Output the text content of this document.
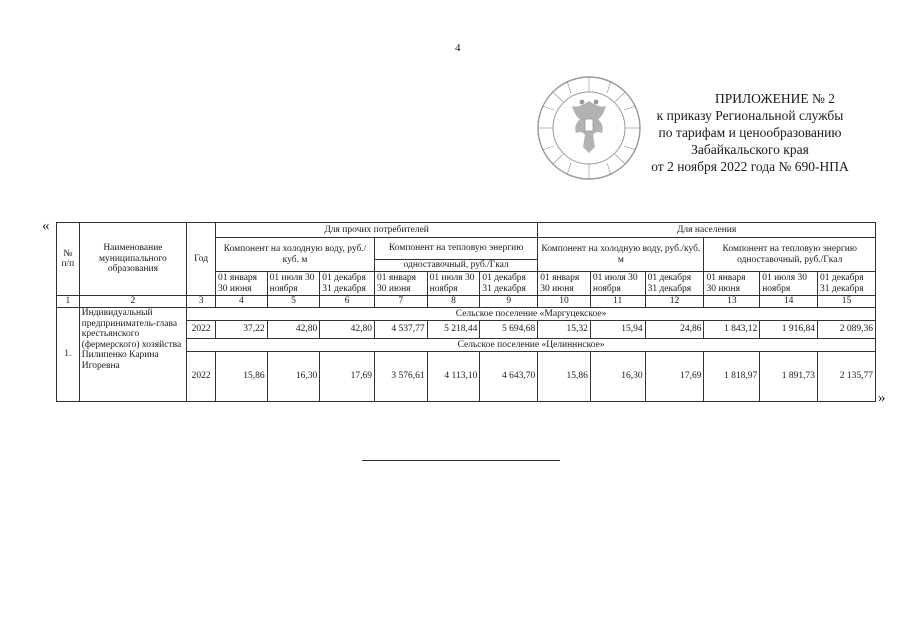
4
ПРИЛОЖЕНИЕ № 2
к приказу Региональной службы
по тарифам и ценообразованию
Забайкальского края
от 2 ноября 2022 года № 690-НПА
«
»
№ п/п	Наименование муниципального образования	Год	Для прочих потребителей						Для населения					
			Компонент на холодную воду, руб./куб. м			Компонент на тепловую энергию			Компонент на холодную воду, руб./куб. м			Компонент на тепловую энергию одноставочный, руб./Гкал		
						одноставочный, руб./Гкал								
			01 января 30 июня	01 июля 30 ноября	01 декабря 31 декабря	01 января 30 июня	01 июля 30 ноября	01 декабря 31 декабря	01 января 30 июня	01 июля 30 ноября	01 декабря 31 декабря	01 января 30 июня	01 июля 30 ноября	01 декабря 31 декабря
1	2	3	4	5	6	7	8	9	10	11	12	13	14	15
1.	Индивидуальный предприниматель-глава крестьянского (фермерского) хозяйства Пилипенко Карина Игоревна	Сельское поселение «Маргуцекское»												
		2022	37,22	42,80	42,80	4 537,77	5 218,44	5 694,68	15,32	15,94	24,86	1 843,12	1 916,84	2 089,36
		Сельское поселение «Целинннское»												
		2022	15,86	16,30	17,69	3 576,61	4 113,10	4 643,70	15,86	16,30	17,69	1 818,97	1 891,73	2 135,77
